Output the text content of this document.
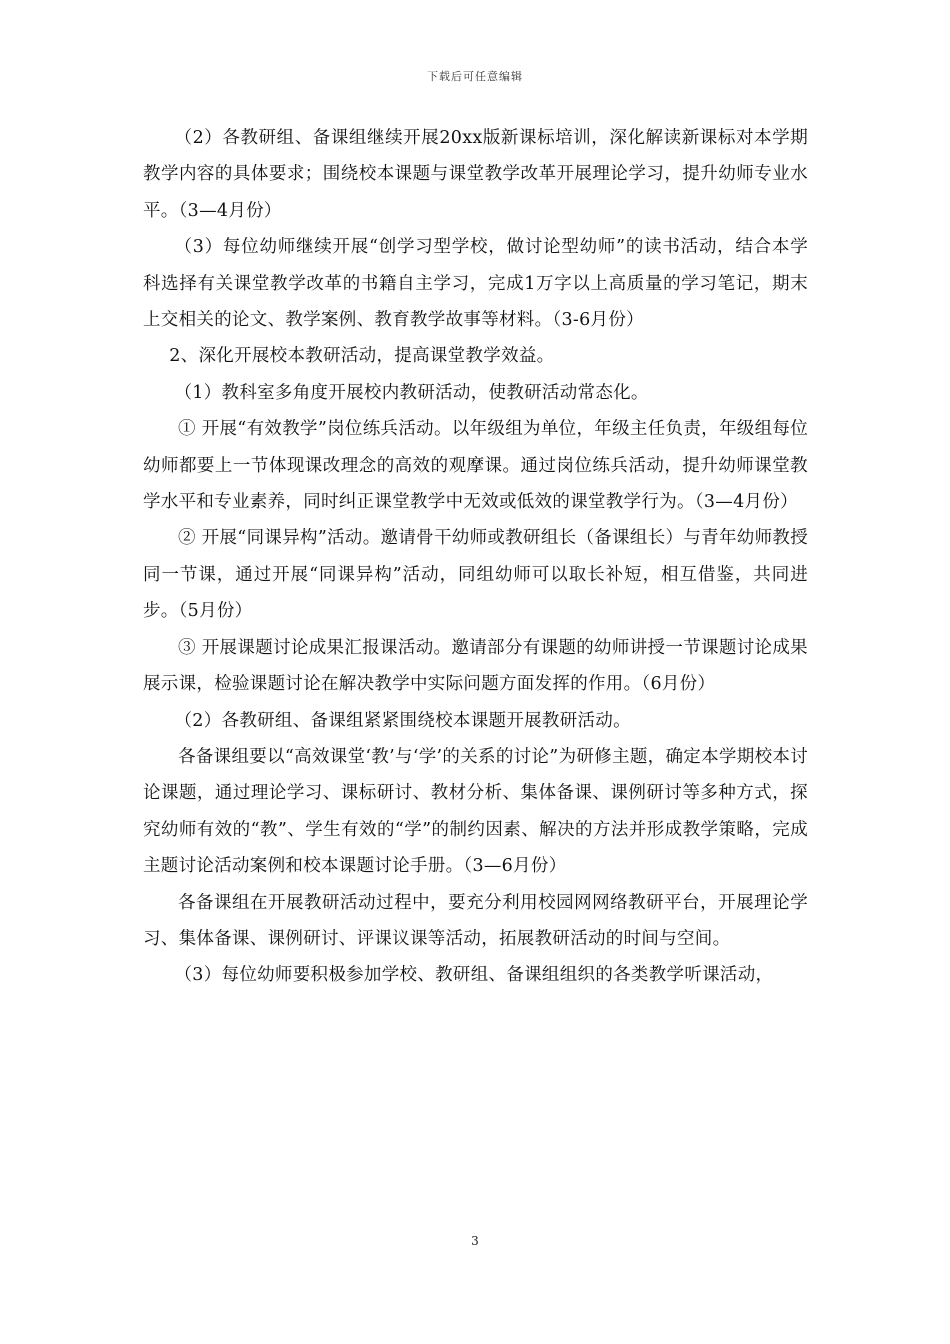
下载后可任意编辑

（2）各教研组、备课组继续开展20xx版新课标培训，深化解读新课标对本学期教学内容的具体要求；围绕校本课题与课堂教学改革开展理论学习，提升幼师专业水平。（3—4月份）

（3）每位幼师继续开展“创学习型学校，做讨论型幼师”的读书活动，结合本学科选择有关课堂教学改革的书籍自主学习，完成1万字以上高质量的学习笔记，期末上交相关的论文、教学案例、教育教学故事等材料。（3-6月份）

2、深化开展校本教研活动，提高课堂教学效益。

（1）教科室多角度开展校内教研活动，使教研活动常态化。

① 开展“有效教学”岗位练兵活动。以年级组为单位，年级主任负责，年级组每位幼师都要上一节体现课改理念的高效的观摩课。通过岗位练兵活动，提升幼师课堂教学水平和专业素养，同时纠正课堂教学中无效或低效的课堂教学行为。（3—4月份）

② 开展“同课异构”活动。邀请骨干幼师或教研组长（备课组长）与青年幼师教授同一节课，通过开展“同课异构”活动，同组幼师可以取长补短，相互借鉴，共同进步。（5月份）

③ 开展课题讨论成果汇报课活动。邀请部分有课题的幼师讲授一节课题讨论成果展示课，检验课题讨论在解决教学中实际问题方面发挥的作用。（6月份）

（2）各教研组、备课组紧紧围绕校本课题开展教研活动。

各备课组要以“高效课堂‘教’与‘学’的关系的讨论”为研修主题，确定本学期校本讨论课题，通过理论学习、课标研讨、教材分析、集体备课、课例研讨等多种方式，探究幼师有效的“教”、学生有效的“学”的制约因素、解决的方法并形成教学策略，完成主题讨论活动案例和校本课题讨论手册。（3—6月份）

各备课组在开展教研活动过程中，要充分利用校园网网络教研平台，开展理论学习、集体备课、课例研讨、评课议课等活动，拓展教研活动的时间与空间。

（3）每位幼师要积极参加学校、教研组、备课组组织的各类教学听课活动，

3
